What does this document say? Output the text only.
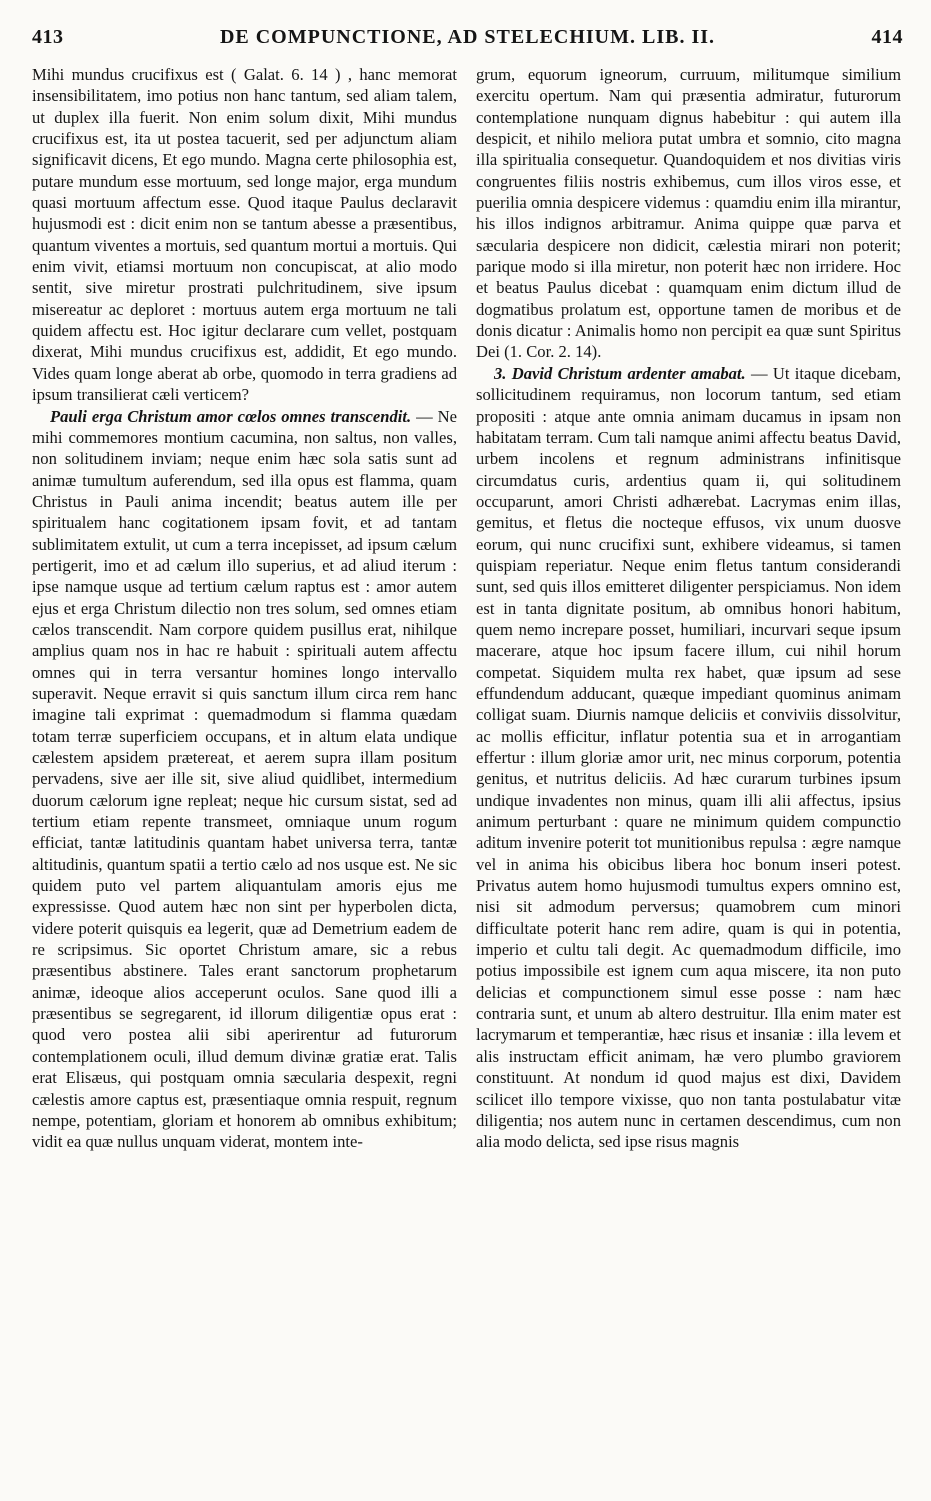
413	DE COMPUNCTIONE, AD STELECHIUM. LIB. II.	414

Mihi mundus crucifixus est ( Galat. 6. 14 ) , hanc memorat insensibilitatem, imo potius non hanc tantum, sed aliam talem, ut duplex illa fuerit. Non enim solum dixit, Mihi mundus crucifixus est, ita ut postea tacuerit, sed per adjunctum aliam significavit dicens, Et ego mundo. Magna certe philosophia est, putare mundum esse mortuum, sed longe major, erga mundum quasi mortuum affectum esse. Quod itaque Paulus declaravit hujusmodi est : dicit enim non se tantum abesse a præsentibus, quantum viventes a mortuis, sed quantum mortui a mortuis. Qui enim vivit, etiamsi mortuum non concupiscat, at alio modo sentit, sive miretur prostrati pulchritudinem, sive ipsum misereatur ac deploret : mortuus autem erga mortuum ne tali quidem affectu est. Hoc igitur declarare cum vellet, postquam dixerat, Mihi mundus crucifixus est, addidit, Et ego mundo. Vides quam longe aberat ab orbe, quomodo in terra gradiens ad ipsum transilierat cæli verticem?

Pauli erga Christum amor cœlos omnes transcendit. — Ne mihi commemores montium cacumina, non saltus, non valles, non solitudinem inviam; neque enim hæc sola satis sunt ad animæ tumultum auferendum, sed illa opus est flamma, quam Christus in Pauli anima incendit; beatus autem ille per spiritualem hanc cogitationem ipsam fovit, et ad tantam sublimitatem extulit, ut cum a terra incepisset, ad ipsum cælum pertigerit, imo et ad cælum illo superius, et ad aliud iterum : ipse namque usque ad tertium cælum raptus est : amor autem ejus et erga Christum dilectio non tres solum, sed omnes etiam cælos transcendit. Nam corpore quidem pusillus erat, nihilque amplius quam nos in hac re habuit : spirituali autem affectu omnes qui in terra versantur homines longo intervallo superavit. Neque erravit si quis sanctum illum circa rem hanc imagine tali exprimat : quemadmodum si flamma quædam totam terræ superficiem occupans, et in altum elata undique cælestem apsidem prætereat, et aerem supra illam positum pervadens, sive aer ille sit, sive aliud quidlibet, intermedium duorum cælorum igne repleat; neque hic cursum sistat, sed ad tertium etiam repente transmeet, omniaque unum rogum efficiat, tantæ latitudinis quantam habet universa terra, tantæ altitudinis, quantum spatii a tertio cælo ad nos usque est. Ne sic quidem puto vel partem aliquantulam amoris ejus me expressisse. Quod autem hæc non sint per hyperbolen dicta, videre poterit quisquis ea legerit, quæ ad Demetrium eadem de re scripsimus. Sic oportet Christum amare, sic a rebus præsentibus abstinere. Tales erant sanctorum prophetarum animæ, ideoque alios acceperunt oculos. Sane quod illi a præsentibus se segregarent, id illorum diligentiæ opus erat : quod vero postea alii sibi aperirentur ad futurorum contemplationem oculi, illud demum divinæ gratiæ erat. Talis erat Elisæus, qui postquam omnia sæcularia despexit, regni cælestis amore captus est, præsentiaque omnia respuit, regnum nempe, potentiam, gloriam et honorem ab omnibus exhibitum; vidit ea quæ nullus unquam viderat, montem inte-

grum, equorum igneorum, curruum, militumque similium exercitu opertum. Nam qui præsentia admiratur, futurorum contemplatione nunquam dignus habebitur : qui autem illa despicit, et nihilo meliora putat umbra et somnio, cito magna illa spiritualia consequetur. Quandoquidem et nos divitias viris congruentes filiis nostris exhibemus, cum illos viros esse, et puerilia omnia despicere videmus : quamdiu enim illa mirantur, his illos indignos arbitramur. Anima quippe quæ parva et sæcularia despicere non didicit, cælestia mirari non poterit; parique modo si illa miretur, non poterit hæc non irridere. Hoc et beatus Paulus dicebat : quamquam enim dictum illud de dogmatibus prolatum est, opportune tamen de moribus et de donis dicatur : Animalis homo non percipit ea quæ sunt Spiritus Dei (1. Cor. 2. 14).

3. David Christum ardenter amabat. — Ut itaque dicebam, sollicitudinem requiramus, non locorum tantum, sed etiam propositi : atque ante omnia animam ducamus in ipsam non habitatam terram. Cum tali namque animi affectu beatus David, urbem incolens et regnum administrans infinitisque circumdatus curis, ardentius quam ii, qui solitudinem occuparunt, amori Christi adhærebat. Lacrymas enim illas, gemitus, et fletus die nocteque effusos, vix unum duosve eorum, qui nunc crucifixi sunt, exhibere videamus, si tamen quispiam reperiatur. Neque enim fletus tantum considerandi sunt, sed quis illos emitteret diligenter perspiciamus. Non idem est in tanta dignitate positum, ab omnibus honori habitum, quem nemo increpare posset, humiliari, incurvari seque ipsum macerare, atque hoc ipsum facere illum, cui nihil horum competat. Siquidem multa rex habet, quæ ipsum ad sese effundendum adducant, quæque impediant quominus animam colligat suam. Diurnis namque deliciis et conviviis dissolvitur, ac mollis efficitur, inflatur potentia sua et in arrogantiam effertur : illum gloriæ amor urit, nec minus corporum, potentia genitus, et nutritus deliciis. Ad hæc curarum turbines ipsum undique invadentes non minus, quam illi alii affectus, ipsius animum perturbant : quare ne minimum quidem compunctio aditum invenire poterit tot munitionibus repulsa : ægre namque vel in anima his obicibus libera hoc bonum inseri potest. Privatus autem homo hujusmodi tumultus expers omnino est, nisi sit admodum perversus; quamobrem cum minori difficultate poterit hanc rem adire, quam is qui in potentia, imperio et cultu tali degit. Ac quemadmodum difficile, imo potius impossibile est ignem cum aqua miscere, ita non puto delicias et compunctionem simul esse posse : nam hæc contraria sunt, et unum ab altero destruitur. Illa enim mater est lacrymarum et temperantiæ, hæc risus et insaniæ : illa levem et alis instructam efficit animam, hæ vero plumbo graviorem constituunt. At nondum id quod majus est dixi, Davidem scilicet illo tempore vixisse, quo non tanta postulabatur vitæ diligentia; nos autem nunc in certamen descendimus, cum non alia modo delicta, sed ipse risus magnis
